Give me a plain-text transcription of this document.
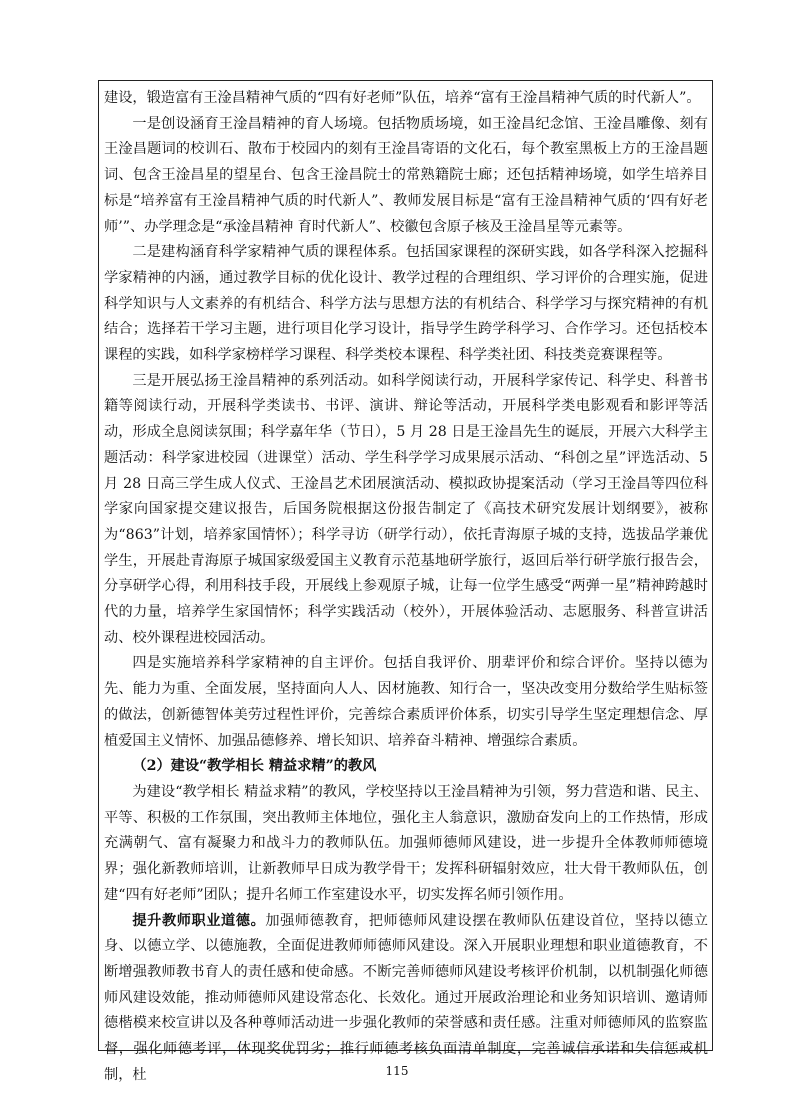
建设，锻造富有王淦昌精神气质的“四有好老师”队伍，培养“富有王淦昌精神气质的时代新人”。

一是创设涵育王淦昌精神的育人场境。包括物质场境，如王淦昌纪念馆、王淦昌雕像、刻有王淦昌题词的校训石、散布于校园内的刻有王淦昌寄语的文化石，每个教室黑板上方的王淦昌题词、包含王淦昌星的望星台、包含王淦昌院士的常熟籍院士廊；还包括精神场境，如学生培养目标是“培养富有王淦昌精神气质的时代新人”、教师发展目标是“富有王淦昌精神气质的‘四有好老师’”、办学理念是“承淦昌精神 育时代新人”、校徽包含原子核及王淦昌星等元素等。

二是建构涵育科学家精神气质的课程体系。包括国家课程的深研实践，如各学科深入挖掘科学家精神的内涵，通过教学目标的优化设计、教学过程的合理组织、学习评价的合理实施，促进科学知识与人文素养的有机结合、科学方法与思想方法的有机结合、科学学习与探究精神的有机结合；选择若干学习主题，进行项目化学习设计，指导学生跨学科学习、合作学习。还包括校本课程的实践，如科学家榜样学习课程、科学类校本课程、科学类社团、科技类竞赛课程等。

三是开展弘扬王淦昌精神的系列活动。如科学阅读行动，开展科学家传记、科学史、科普书籍等阅读行动，开展科学类读书、书评、演讲、辩论等活动，开展科学类电影观看和影评等活动，形成全息阅读氛围；科学嘉年华（节日），5 月 28 日是王淦昌先生的诞辰，开展六大科学主题活动：科学家进校园（进课堂）活动、学生科学学习成果展示活动、“科创之星”评选活动、5 月 28 日高三学生成人仪式、王淦昌艺术团展演活动、模拟政协提案活动（学习王淦昌等四位科学家向国家提交建议报告，后国务院根据这份报告制定了《高技术研究发展计划纲要》，被称为“863”计划，培养家国情怀）；科学寻访（研学行动），依托青海原子城的支持，选拔品学兼优学生，开展赴青海原子城国家级爱国主义教育示范基地研学旅行，返回后举行研学旅行报告会，分享研学心得，利用科技手段，开展线上参观原子城，让每一位学生感受“两弹一星”精神跨越时代的力量，培养学生家国情怀；科学实践活动（校外），开展体验活动、志愿服务、科普宣讲活动、校外课程进校园活动。

四是实施培养科学家精神的自主评价。包括自我评价、朋辈评价和综合评价。坚持以德为先、能力为重、全面发展，坚持面向人人、因材施教、知行合一，坚决改变用分数给学生贴标签的做法，创新德智体美劳过程性评价，完善综合素质评价体系，切实引导学生坚定理想信念、厚植爱国主义情怀、加强品德修养、增长知识、培养奋斗精神、增强综合素质。

（2）建设“教学相长 精益求精”的教风

为建设“教学相长 精益求精”的教风，学校坚持以王淦昌精神为引领，努力营造和谐、民主、平等、积极的工作氛围，突出教师主体地位，强化主人翁意识，激励奋发向上的工作热情，形成充满朝气、富有凝聚力和战斗力的教师队伍。加强师德师风建设，进一步提升全体教师师德境界；强化新教师培训，让新教师早日成为教学骨干；发挥科研辐射效应，壮大骨干教师队伍，创建“四有好老师”团队；提升名师工作室建设水平，切实发挥名师引领作用。

提升教师职业道德。加强师德教育，把师德师风建设摆在教师队伍建设首位，坚持以德立身、以德立学、以德施教，全面促进教师师德师风建设。深入开展职业理想和职业道德教育，不断增强教师教书育人的责任感和使命感。不断完善师德师风建设考核评价机制，以机制强化师德师风建设效能，推动师德师风建设常态化、长效化。通过开展政治理论和业务知识培训、邀请师德楷模来校宣讲以及各种尊师活动进一步强化教师的荣誉感和责任感。注重对师德师风的监察监督，强化师德考评，体现奖优罚劣；推行师德考核负面清单制度，完善诚信承诺和失信惩戒机制，杜	115
